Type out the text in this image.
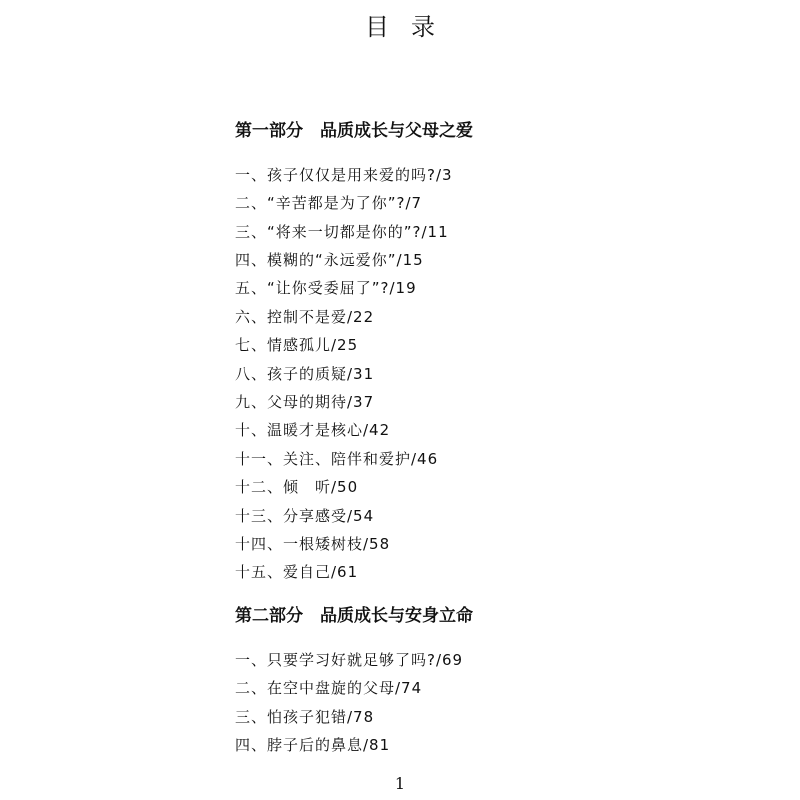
目录
第一部分　品质成长与父母之爱
一、孩子仅仅是用来爱的吗?/3
二、“辛苦都是为了你”?/7
三、“将来一切都是你的”?/11
四、模糊的“永远爱你”/15
五、“让你受委屈了”?/19
六、控制不是爱/22
七、情感孤儿/25
八、孩子的质疑/31
九、父母的期待/37
十、温暖才是核心/42
十一、关注、陪伴和爱护/46
十二、倾　听/50
十三、分享感受/54
十四、一根矮树枝/58
十五、爱自己/61
第二部分　品质成长与安身立命
一、只要学习好就足够了吗?/69
二、在空中盘旋的父母/74
三、怕孩子犯错/78
四、脖子后的鼻息/81
1
